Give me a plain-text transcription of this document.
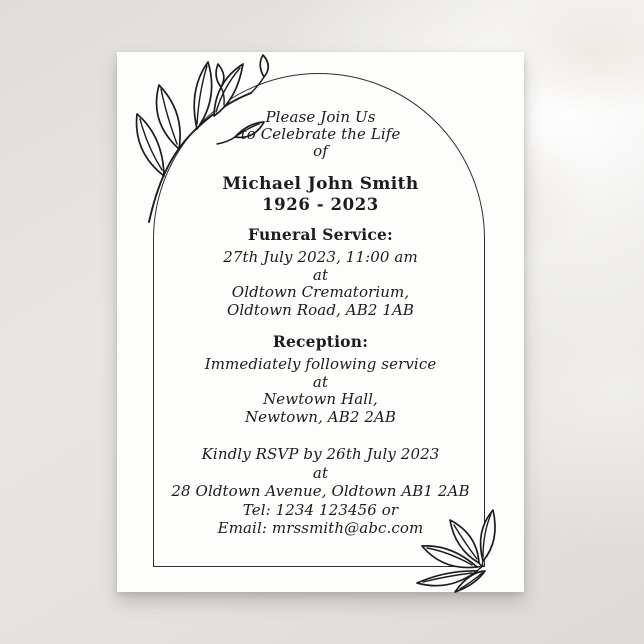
Please Join Us
to Celebrate the Life
of
Michael John Smith
1926 - 2023
Funeral Service:
27th July 2023, 11:00 am
at
Oldtown Crematorium,
Oldtown Road, AB2 1AB
Reception:
Immediately following service
at
Newtown Hall,
Newtown, AB2 2AB
Kindly RSVP by 26th July 2023
at
28 Oldtown Avenue, Oldtown AB1 2AB
Tel: 1234 123456 or
Email: mrssmith@abc.com
